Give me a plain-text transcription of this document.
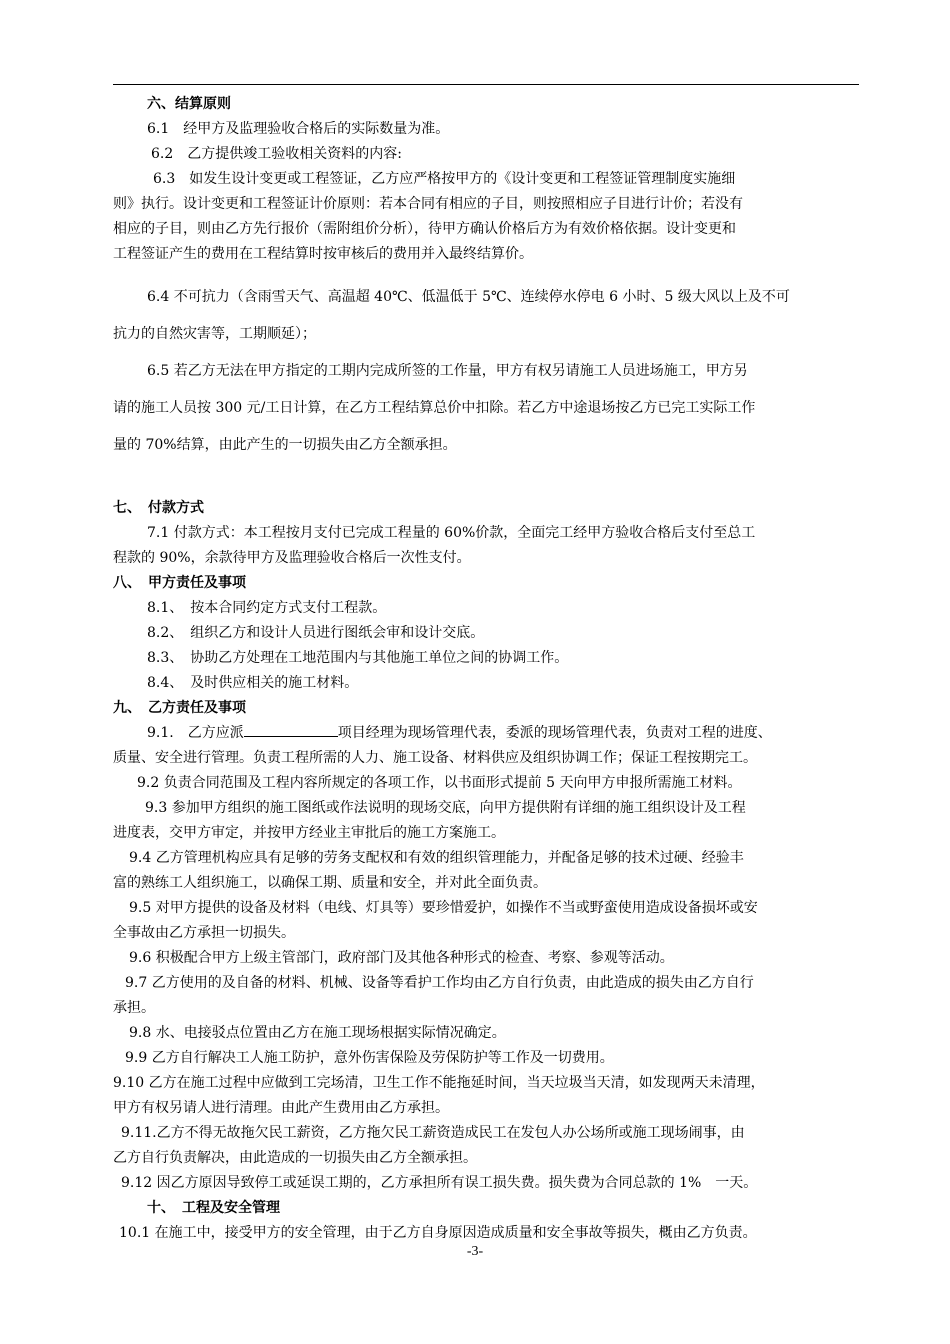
六、结算原则
6.1　经甲方及监理验收合格后的实际数量为准。
6.2　乙方提供竣工验收相关资料的内容:
6.3　如发生设计变更或工程签证，乙方应严格按甲方的《设计变更和工程签证管理制度实施细
则》执行。设计变更和工程签证计价原则：若本合同有相应的子目，则按照相应子目进行计价；若没有
相应的子目，则由乙方先行报价（需附组价分析），待甲方确认价格后方为有效价格依据。设计变更和
工程签证产生的费用在工程结算时按审核后的费用并入最终结算价。
6.4 不可抗力（含雨雪天气、高温超 40℃、低温低于 5℃、连续停水停电 6 小时、5 级大风以上及不可
抗力的自然灾害等，工期顺延）；
6.5 若乙方无法在甲方指定的工期内完成所签的工作量，甲方有权另请施工人员进场施工，甲方另
请的施工人员按 300 元/工日计算，在乙方工程结算总价中扣除。若乙方中途退场按乙方已完工实际工作
量的 70%结算，由此产生的一切损失由乙方全额承担。
七、　付款方式
7.1 付款方式：本工程按月支付已完成工程量的 60%价款，全面完工经甲方验收合格后支付至总工
程款的 90%，余款待甲方及监理验收合格后一次性支付。
八、　甲方责任及事项
8.1、　按本合同约定方式支付工程款。
8.2、　组织乙方和设计人员进行图纸会审和设计交底。
8.3、　协助乙方处理在工地范围内与其他施工单位之间的协调工作。
8.4、　及时供应相关的施工材料。
九、　乙方责任及事项
9.1.　乙方应派	项目经理为现场管理代表，委派的现场管理代表，负责对工程的进度、
质量、安全进行管理。负责工程所需的人力、施工设备、材料供应及组织协调工作；保证工程按期完工。
9.2 负责合同范围及工程内容所规定的各项工作，以书面形式提前 5 天向甲方申报所需施工材料。
9.3 参加甲方组织的施工图纸或作法说明的现场交底，向甲方提供附有详细的施工组织设计及工程
进度表，交甲方审定，并按甲方经业主审批后的施工方案施工。
9.4 乙方管理机构应具有足够的劳务支配权和有效的组织管理能力，并配备足够的技术过硬、经验丰
富的熟练工人组织施工，以确保工期、质量和安全，并对此全面负责。
9.5 对甲方提供的设备及材料（电线、灯具等）要珍惜爱护，如操作不当或野蛮使用造成设备损坏或安
全事故由乙方承担一切损失。
9.6 积极配合甲方上级主管部门，政府部门及其他各种形式的检查、考察、参观等活动。
9.7 乙方使用的及自备的材料、机械、设备等看护工作均由乙方自行负责，由此造成的损失由乙方自行
承担。
9.8 水、电接驳点位置由乙方在施工现场根据实际情况确定。
9.9 乙方自行解决工人施工防护，意外伤害保险及劳保防护等工作及一切费用。
9.10 乙方在施工过程中应做到工完场清，卫生工作不能拖延时间，当天垃圾当天清，如发现两天未清理，
甲方有权另请人进行清理。由此产生费用由乙方承担。
9.11.乙方不得无故拖欠民工薪资，乙方拖欠民工薪资造成民工在发包人办公场所或施工现场闹事，由
乙方自行负责解决，由此造成的一切损失由乙方全额承担。
9.12 因乙方原因导致停工或延误工期的，乙方承担所有误工损失费。损失费为合同总款的 1%　一天。
十、　工程及安全管理
10.1 在施工中，接受甲方的安全管理，由于乙方自身原因造成质量和安全事故等损失，概由乙方负责。
-3-
